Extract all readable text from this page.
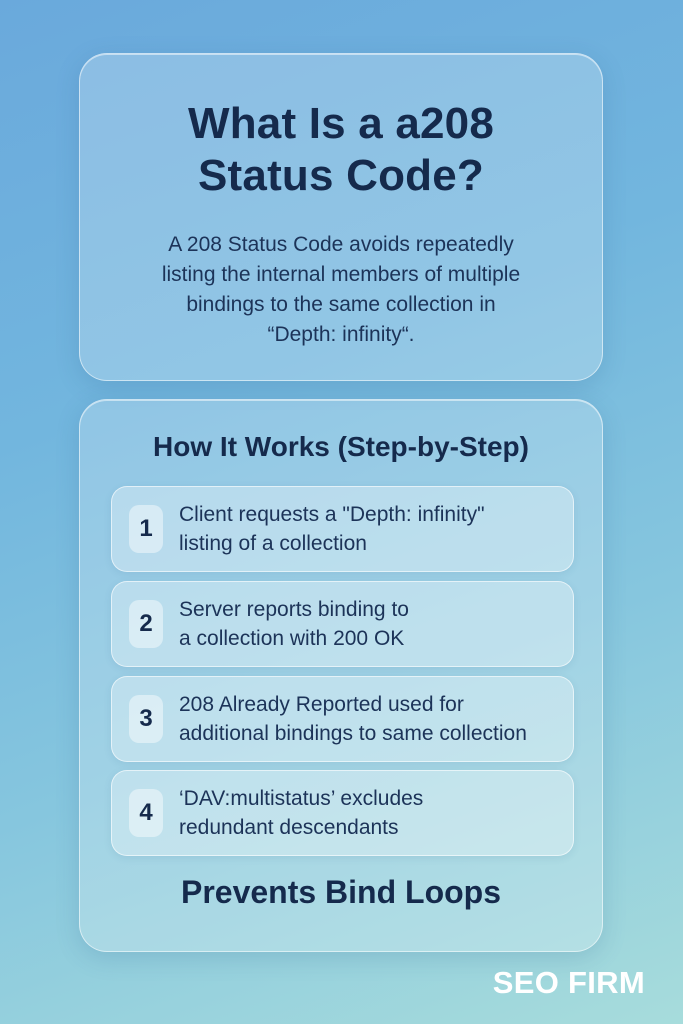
What Is a a208
Status Code?
A 208 Status Code avoids repeatedly
listing the internal members of multiple
bindings to the same collection in
“Depth: infinity“.
How It Works (Step-by-Step)
1
Client requests a "Depth: infinity"
listing of a collection
2
Server reports binding to
a collection with 200 OK
3
208 Already Reported used for
additional bindings to same collection
4
‘DAV:multistatus’ excludes
redundant descendants
Prevents Bind Loops
SEO FIRM
